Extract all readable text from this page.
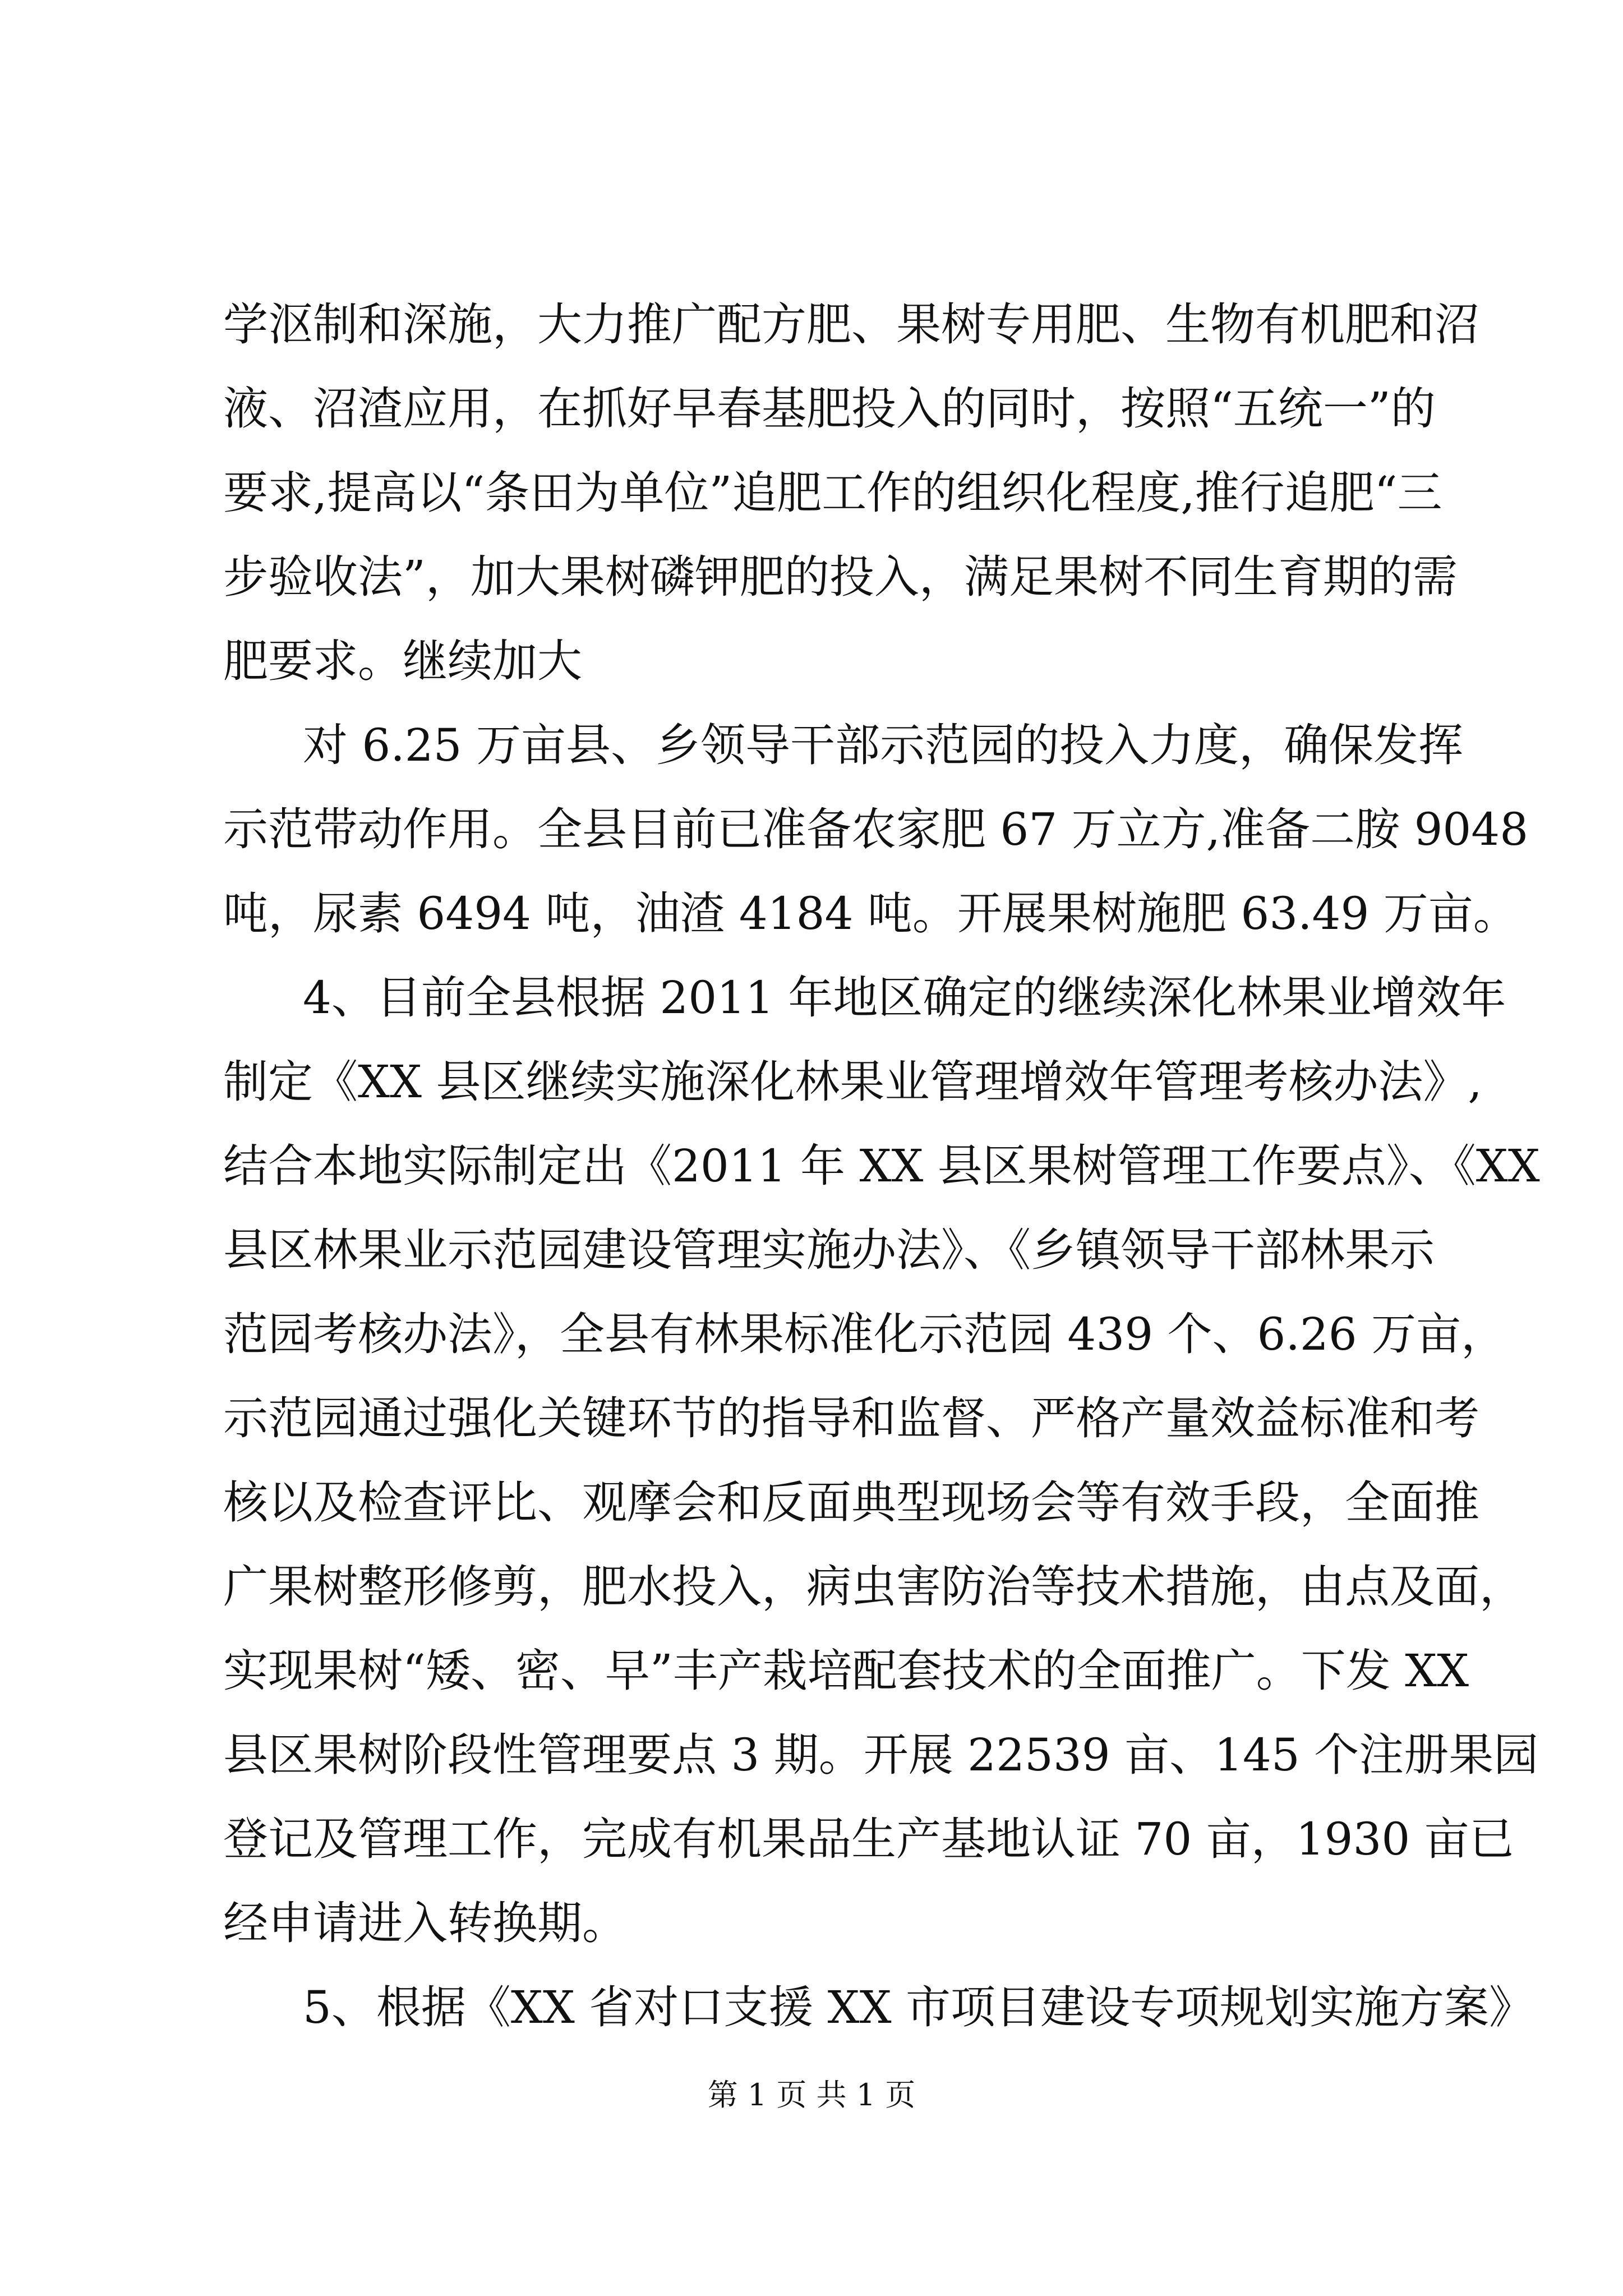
学沤制和深施，大力推广配方肥、果树专用肥、生物有机肥和沼
液、沼渣应用，在抓好早春基肥投入的同时，按照“五统一”的
要求,提高以“条田为单位”追肥工作的组织化程度,推行追肥“三
步验收法”，加大果树磷钾肥的投入，满足果树不同生育期的需
肥要求。继续加大
对 6.25 万亩县、乡领导干部示范园的投入力度，确保发挥
示范带动作用。全县目前已准备农家肥 67 万立方,准备二胺 9048
吨，尿素 6494 吨，油渣 4184 吨。开展果树施肥 63.49 万亩。
4、目前全县根据 2011 年地区确定的继续深化林果业增效年
制定《XX 县区继续实施深化林果业管理增效年管理考核办法》,
结合本地实际制定出《2011 年 XX 县区果树管理工作要点》、《XX
县区林果业示范园建设管理实施办法》、《乡镇领导干部林果示
范园考核办法》，全县有林果标准化示范园 439 个、6.26 万亩，
示范园通过强化关键环节的指导和监督、严格产量效益标准和考
核以及检查评比、观摩会和反面典型现场会等有效手段，全面推
广果树整形修剪，肥水投入，病虫害防治等技术措施，由点及面，
实现果树“矮、密、早”丰产栽培配套技术的全面推广。下发 XX
县区果树阶段性管理要点 3 期。开展 22539 亩、145 个注册果园
登记及管理工作，完成有机果品生产基地认证 70 亩，1930 亩已
经申请进入转换期。
5、根据《XX 省对口支援 XX 市项目建设专项规划实施方案》
第 1 页 共 1 页
